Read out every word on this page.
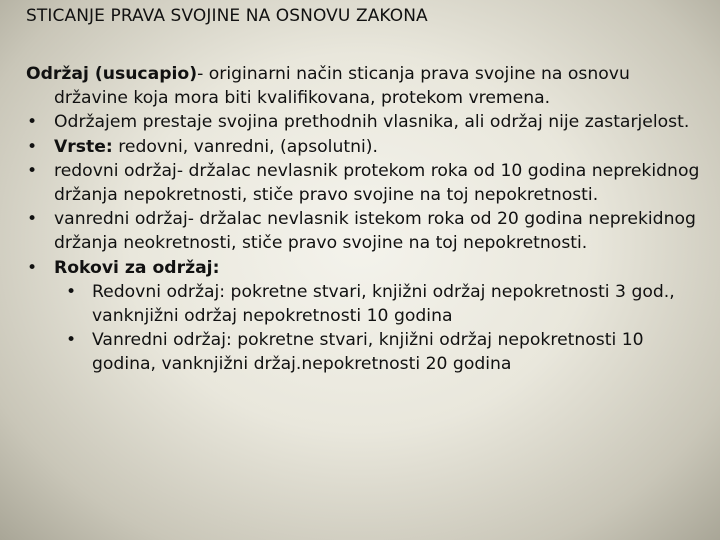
STICANJE PRAVA SVOJINE NA OSNOVU ZAKONA
Održaj (usucapio)- originarni način sticanja prava svojine na osnovu državine koja mora biti kvalifikovana, protekom vremena.
• Održajem prestaje svojina prethodnih vlasnika, ali održaj nije zastarjelost.
• Vrste: redovni, vanredni, (apsolutni).
• redovni održaj- držalac nevlasnik protekom roka od 10 godina neprekidnog držanja nepokretnosti, stiče pravo svojine na toj nepokretnosti.
• vanredni održaj- držalac nevlasnik istekom roka od 20 godina neprekidnog držanja neokretnosti, stiče pravo svojine na toj nepokretnosti.
• Rokovi za održaj:
• Redovni održaj: pokretne stvari, knjižni održaj nepokretnosti 3 god., vanknjižni održaj nepokretnosti 10 godina
• Vanredni održaj: pokretne stvari, knjižni održaj nepokretnosti 10 godina, vanknjižni držaj.nepokretnosti 20 godina
